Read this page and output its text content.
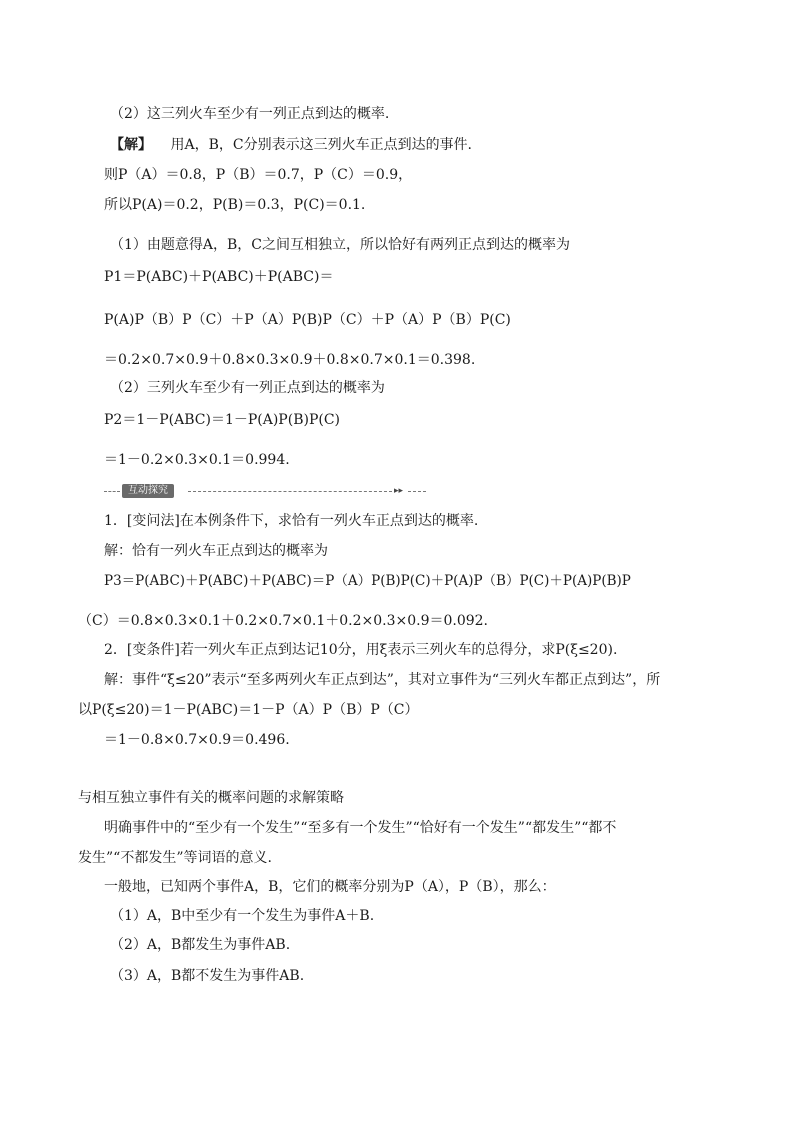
（2）这三列火车至少有一列正点到达的概率.
【解】 用A，B，C分别表示这三列火车正点到达的事件.
则P（A）＝0.8，P（B）＝0.7，P（C）＝0.9，
所以P(A)＝0.2，P(B)＝0.3，P(C)＝0.1.
（1）由题意得A，B，C之间互相独立，所以恰好有两列正点到达的概率为
P1＝P(ABC)＋P(ABC)＋P(ABC)＝
P(A)P（B）P（C）＋P（A）P(B)P（C）＋P（A）P（B）P(C)
＝0.2×0.7×0.9＋0.8×0.3×0.9＋0.8×0.7×0.1＝0.398.
（2）三列火车至少有一列正点到达的概率为
P2＝1－P(ABC)＝1－P(A)P(B)P(C)
＝1－0.2×0.3×0.1＝0.994.
互动探究	▸▸
1．[变问法]在本例条件下，求恰有一列火车正点到达的概率.
解：恰有一列火车正点到达的概率为
P3＝P(ABC)＋P(ABC)＋P(ABC)＝P（A）P(B)P(C)＋P(A)P（B）P(C)＋P(A)P(B)P
（C）＝0.8×0.3×0.1＋0.2×0.7×0.1＋0.2×0.3×0.9＝0.092.
2．[变条件]若一列火车正点到达记10分，用ξ表示三列火车的总得分，求P(ξ≤20).
解：事件“ξ≤20”表示“至多两列火车正点到达”，其对立事件为“三列火车都正点到达”，所
以P(ξ≤20)＝1－P(ABC)＝1－P（A）P（B）P（C）
＝1－0.8×0.7×0.9＝0.496.
与相互独立事件有关的概率问题的求解策略
明确事件中的“至少有一个发生”“至多有一个发生”“恰好有一个发生”“都发生”“都不
发生”“不都发生”等词语的意义.
一般地，已知两个事件A，B，它们的概率分别为P（A），P（B），那么：
（1）A，B中至少有一个发生为事件A＋B.
（2）A，B都发生为事件AB.
（3）A，B都不发生为事件AB.
